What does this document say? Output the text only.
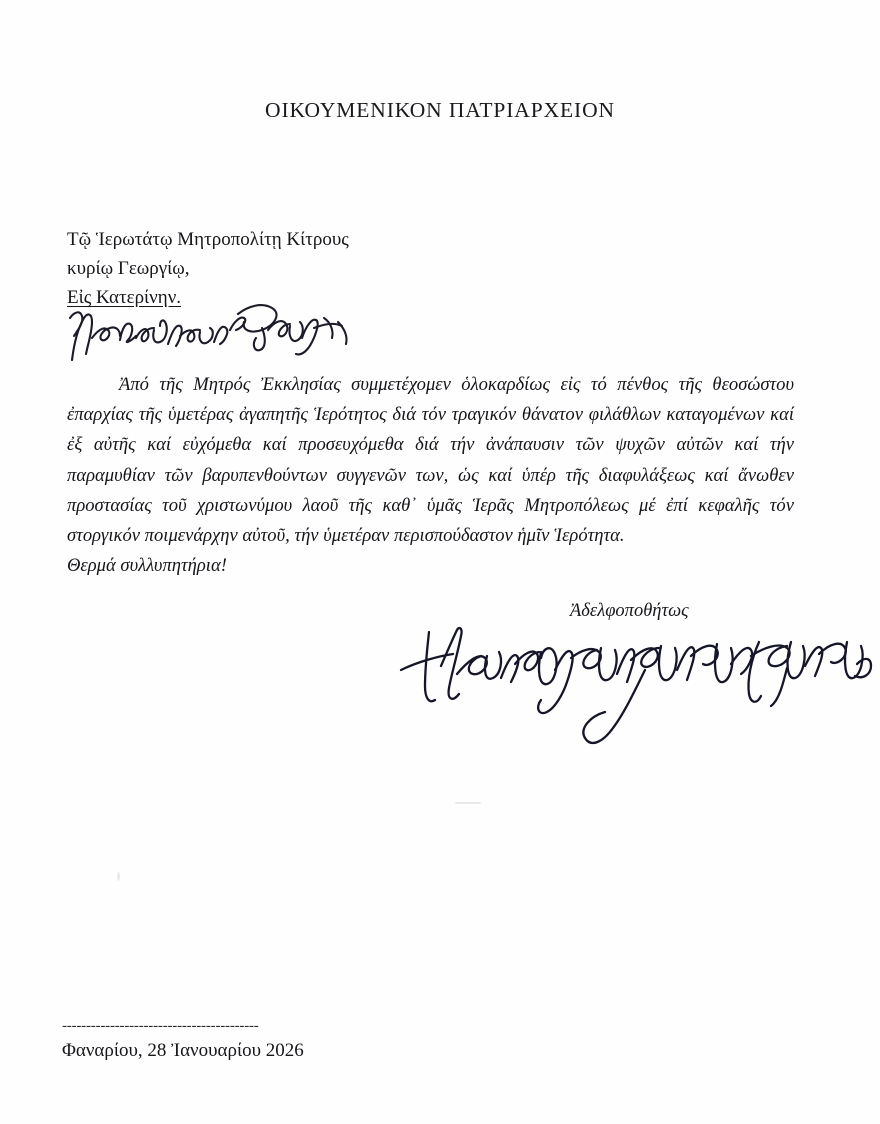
ΟΙΚΟΥΜΕΝΙΚΟΝ ΠΑΤΡΙΑΡΧΕΙΟΝ
Τῷ Ἱερωτάτῳ Μητροπολίτῃ Κίτρους
κυρίῳ Γεωργίῳ,
Εἰς Κατερίνην.
Ἀπό τῆς Μητρός Ἐκκλησίας συμμετέχομεν ὁλοκαρδίως εἰς τό πένθος τῆς θεοσώστου ἐπαρχίας τῆς ὑμετέρας ἀγαπητῆς Ἱερότητος διά τόν τραγικόν θάνατον φιλάθλων καταγομένων καί ἐξ αὐτῆς καί εὐχόμεθα καί προσευχόμεθα διά τήν ἀνάπαυσιν τῶν ψυχῶν αὐτῶν καί τήν παραμυθίαν τῶν βαρυπενθούντων συγγενῶν των, ὡς καί ὑπέρ τῆς διαφυλάξεως καί ἄνωθεν προστασίας τοῦ χριστωνύμου λαοῦ τῆς καθ᾿ ὑμᾶς Ἱερᾶς Μητροπόλεως μέ ἐπί κεφαλῆς τόν στοργικόν ποιμενάρχην αὐτοῦ, τήν ὑμετέραν περισπούδαστον ἡμῖν Ἱερότητα.
Θερμά συλλυπητήρια!
Ἀδελφοποθήτως
-----------------------------------------
Φαναρίου, 28 Ἰανουαρίου 2026
